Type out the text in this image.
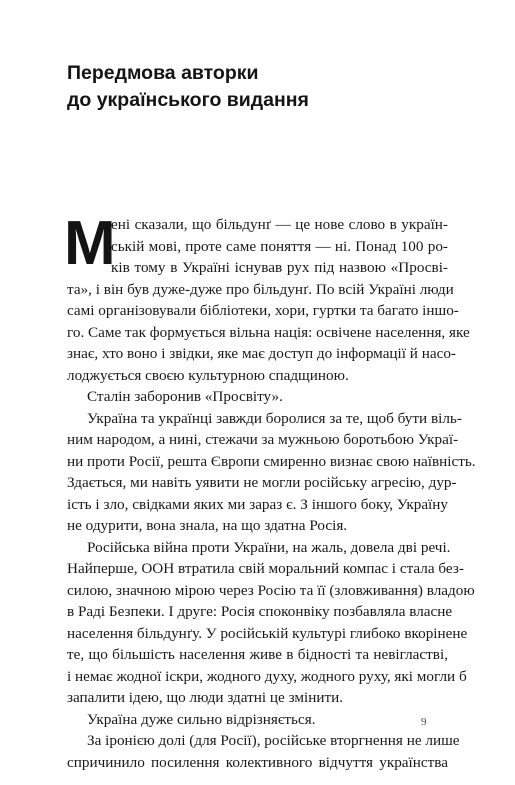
Передмова авторки
до українського видання
М
ені сказали, що більдунґ — це нове слово в україн-
ській мові, проте саме поняття — ні. Понад 100 ро-
ків тому в Україні існував рух під назвою «Просві-
та», і він був дуже-дуже про більдунґ. По всій Україні люди
самі організовували бібліотеки, хори, гуртки та багато іншо-
го. Саме так формується вільна нація: освічене населення, яке
знає, хто воно і звідки, яке має доступ до інформації й насо-
лоджується своєю культурною спадщиною.
Сталін заборонив «Просвіту».
Україна та українці завжди боролися за те, щоб бути віль-
ним народом, а нині, стежачи за мужньою боротьбою Украї-
ни проти Росії, решта Європи смиренно визнає свою наївність.
Здається, ми навіть уявити не могли російську агресію, дур-
ість і зло, свідками яких ми зараз є. З іншого боку, Україну
не одурити, вона знала, на що здатна Росія.
Російська війна проти України, на жаль, довела дві речі.
Найперше, ООН втратила свій моральний компас і стала без-
силою, значною мірою через Росію та її (зловживання) владою
в Раді Безпеки. І друге: Росія споконвіку позбавляла власне
населення більдунґу. У російській культурі глибоко вкорінене
те, що більшість населення живе в бідності та невігластві,
і немає жодної іскри, жодного духу, жодного руху, які могли б
запалити ідею, що люди здатні це змінити.
Україна дуже сильно відрізняється.
За іронією долі (для Росії), російське вторгнення не лише
спричинило посилення колективного відчуття українства
9
